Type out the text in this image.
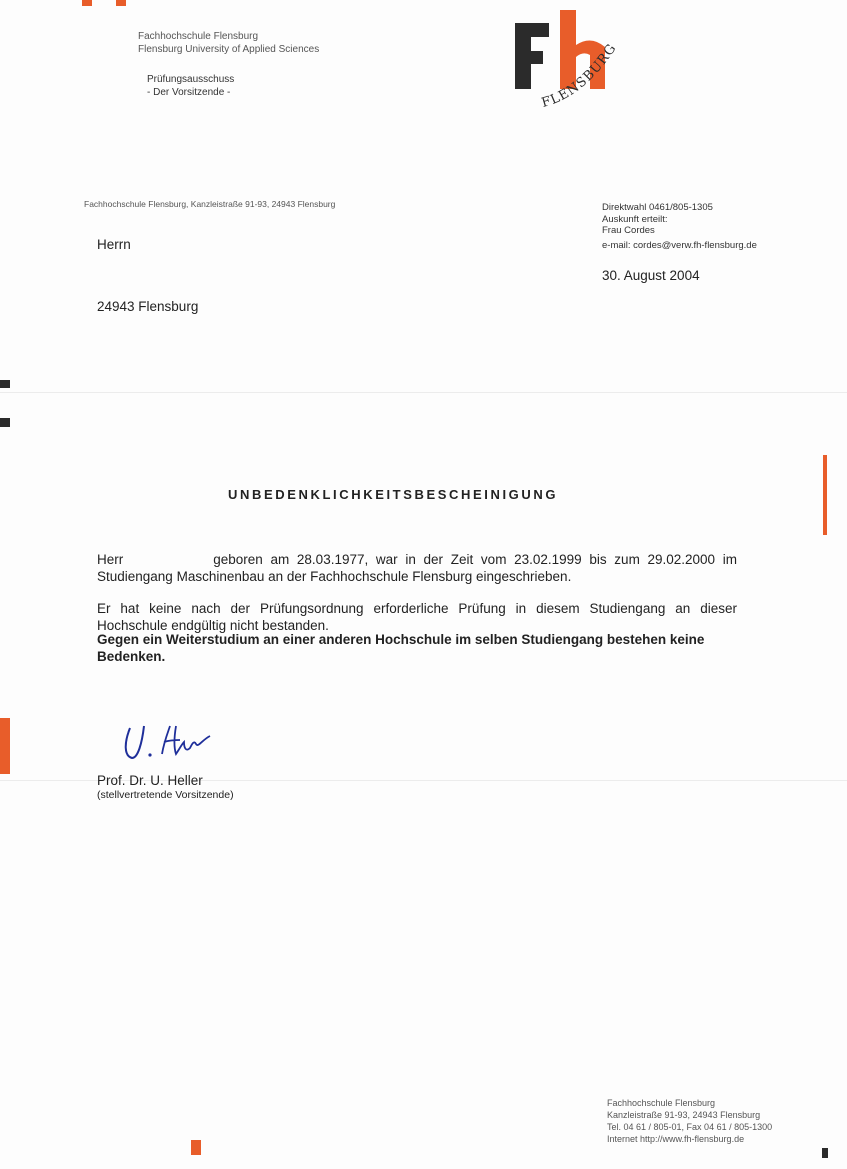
Fachhochschule Flensburg
Flensburg University of Applied Sciences
Prüfungsausschuss
- Der Vorsitzende -
FLENSBURG
Fachhochschule Flensburg, Kanzleistraße 91-93, 24943 Flensburg	Direktwahl 0461/805-1305
Auskunft erteilt:
Frau Cordes
e-mail: cordes@verw.fh-flensburg.de
30. August 2004
Herrn
24943 Flensburg
UNBEDENKLICHKEITSBESCHEINIGUNG
Herr	geboren am 28.03.1977, war in der Zeit vom 23.02.1999 bis zum 29.02.2000 im Studiengang Maschinenbau an der Fachhochschule Flensburg eingeschrieben.
Er hat keine nach der Prüfungsordnung erforderliche Prüfung in diesem Studiengang an dieser Hochschule endgültig nicht bestanden.
Gegen ein Weiterstudium an einer anderen Hochschule im selben Studiengang bestehen keine Bedenken.
Prof. Dr. U. Heller
(stellvertretende Vorsitzende)
Fachhochschule Flensburg
Kanzleistraße 91-93, 24943 Flensburg
Tel. 04 61 / 805-01, Fax 04 61 / 805-1300
Internet http://www.fh-flensburg.de
